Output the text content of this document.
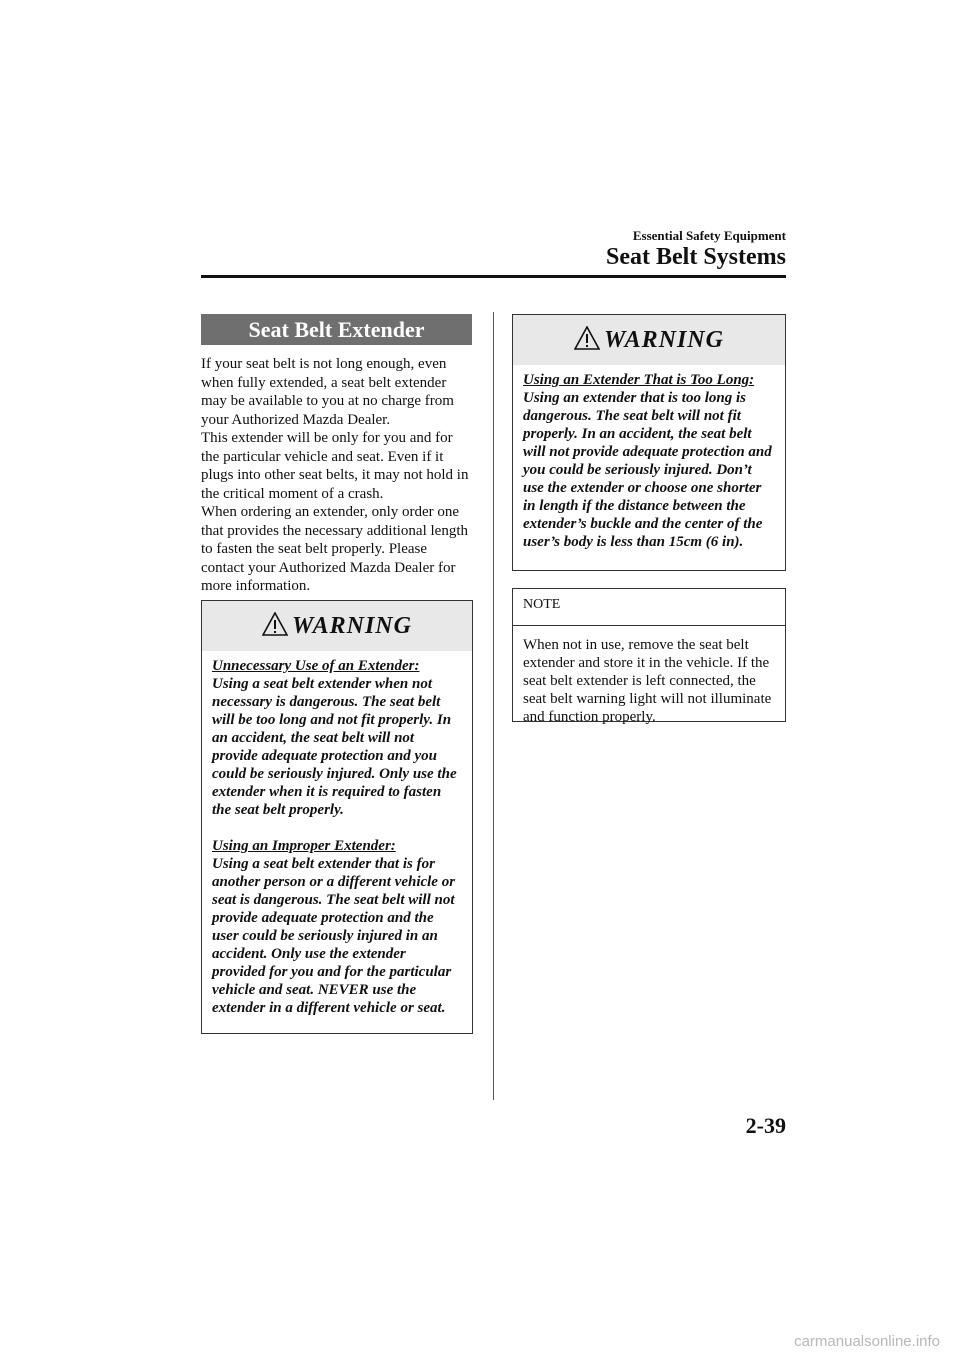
Essential Safety Equipment
Seat Belt Systems
Seat Belt Extender

If your seat belt is not long enough, even when fully extended, a seat belt extender may be available to you at no charge from your Authorized Mazda Dealer.

This extender will be only for you and for the particular vehicle and seat. Even if it plugs into other seat belts, it may not hold in the critical moment of a crash.

When ordering an extender, only order one that provides the necessary additional length to fasten the seat belt properly. Please contact your Authorized Mazda Dealer for more information.

WARNING

Unnecessary Use of an Extender:

Using a seat belt extender when not necessary is dangerous. The seat belt will be too long and not fit properly. In an accident, the seat belt will not provide adequate protection and you could be seriously injured. Only use the extender when it is required to fasten the seat belt properly.

Using an Improper Extender:

Using a seat belt extender that is for another person or a different vehicle or seat is dangerous. The seat belt will not provide adequate protection and the user could be seriously injured in an accident. Only use the extender provided for you and for the particular vehicle and seat. NEVER use the extender in a different vehicle or seat.

WARNING

Using an Extender That is Too Long:

Using an extender that is too long is dangerous. The seat belt will not fit properly. In an accident, the seat belt will not provide adequate protection and you could be seriously injured. Don’t use the extender or choose one shorter in length if the distance between the extender’s buckle and the center of the user’s body is less than 15cm (6 in).

NOTE
When not in use, remove the seat belt extender and store it in the vehicle. If the seat belt extender is left connected, the seat belt warning light will not illuminate and function properly.
2-39
carmanualsonline.info
